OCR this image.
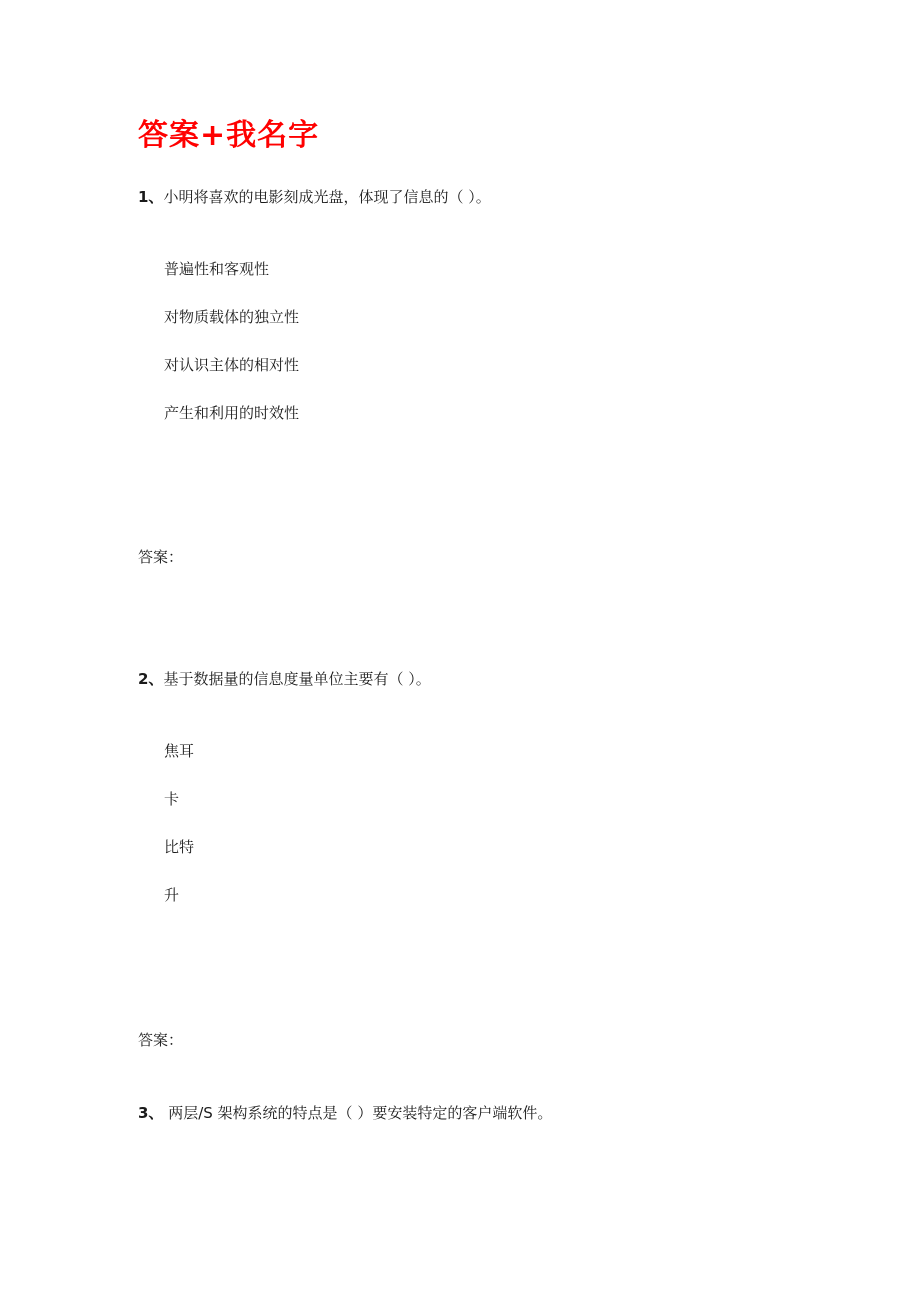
答案+我名字
1、小明将喜欢的电影刻成光盘，体现了信息的（ ）。
普遍性和客观性
对物质载体的独立性
对认识主体的相对性
产生和利用的时效性
答案：
2、基于数据量的信息度量单位主要有（ ）。
焦耳
卡
比特
升
答案：
3、 两层/S 架构系统的特点是（ ）要安装特定的客户端软件。
